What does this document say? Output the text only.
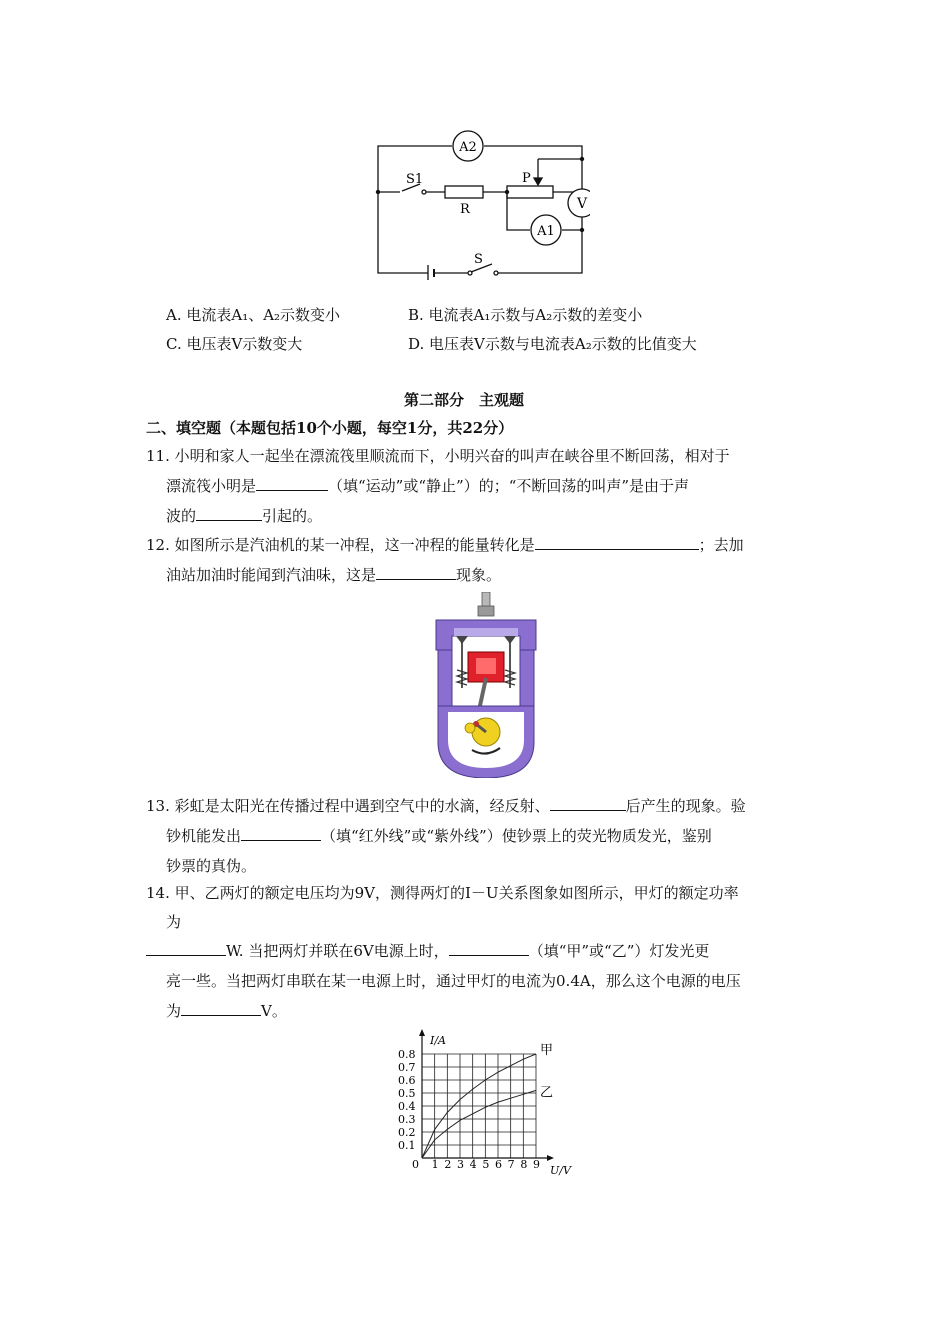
A2
A1
V
S1
R
P
S
A. 电流表A₁、A₂示数变小	B. 电流表A₁示数与A₂示数的差变小
C. 电压表V示数变大	D. 电压表V示数与电流表A₂示数的比值变大
第二部分　主观题
二、填空题（本题包括10个小题，每空1分，共22分）
11. 小明和家人一起坐在漂流筏里顺流而下，小明兴奋的叫声在峡谷里不断回荡，相对于
漂流筏小明是	（填“运动”或“静止”）的；“不断回荡的叫声”是由于声
波的	引起的。
12. 如图所示是汽油机的某一冲程，这一冲程的能量转化是	；去加
油站加油时能闻到汽油味，这是	现象。
13. 彩虹是太阳光在传播过程中遇到空气中的水滴，经反射、	后产生的现象。验
钞机能发出	（填“红外线”或“紫外线”）使钞票上的荧光物质发光，鉴别
钞票的真伪。
14. 甲、乙两灯的额定电压均为9V，测得两灯的I－U关系图象如图所示，甲灯的额定功率
为
W. 当把两灯并联在6V电源上时，	（填“甲”或“乙”）灯发光更
亮一些。当把两灯串联在某一电源上时，通过甲灯的电流为0.4A，那么这个电源的电压
为	V。
0 1 2 3 4 5 6 7 8 9
0.1
0.2
0.3
0.4
0.5
0.6
0.7
0.8
I/A
U/V
甲
乙
